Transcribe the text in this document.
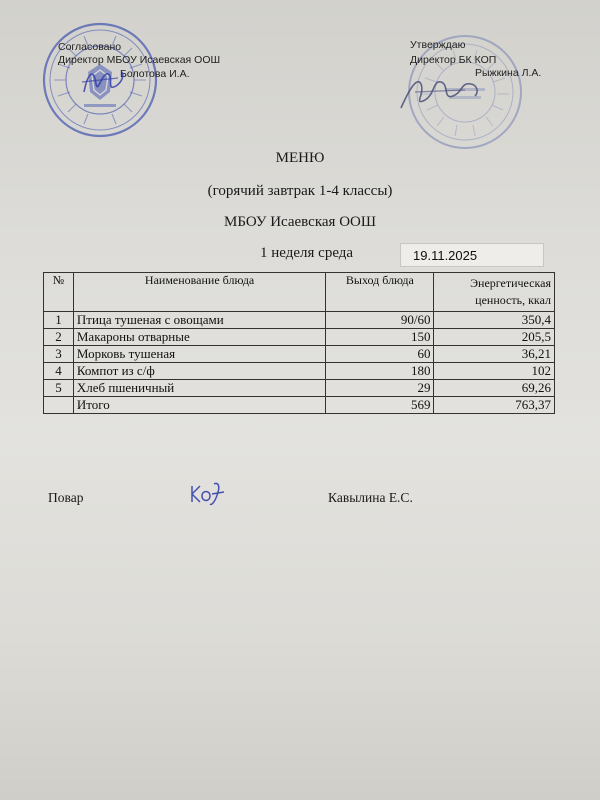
Согласовано
Директор МБОУ Исаевская ООШ
Болотова И.А.
Утверждаю
Директор БК КОП
Рыжкина Л.А.
МЕНЮ
(горячий завтрак 1-4 классы)
МБОУ Исаевская ООШ
1 неделя среда	19.11.2025
№	Наименование блюда	Выход блюда	Энергетическая
ценность, ккал
1	Птица тушеная с овощами	90/60	350,4
2	Макароны отварные	150	205,5
3	Морковь тушеная	60	36,21
4	Компот из с/ф	180	102
5	Хлеб пшеничный	29	69,26
	Итого	569	763,37
Повар	Кавылина Е.С.
